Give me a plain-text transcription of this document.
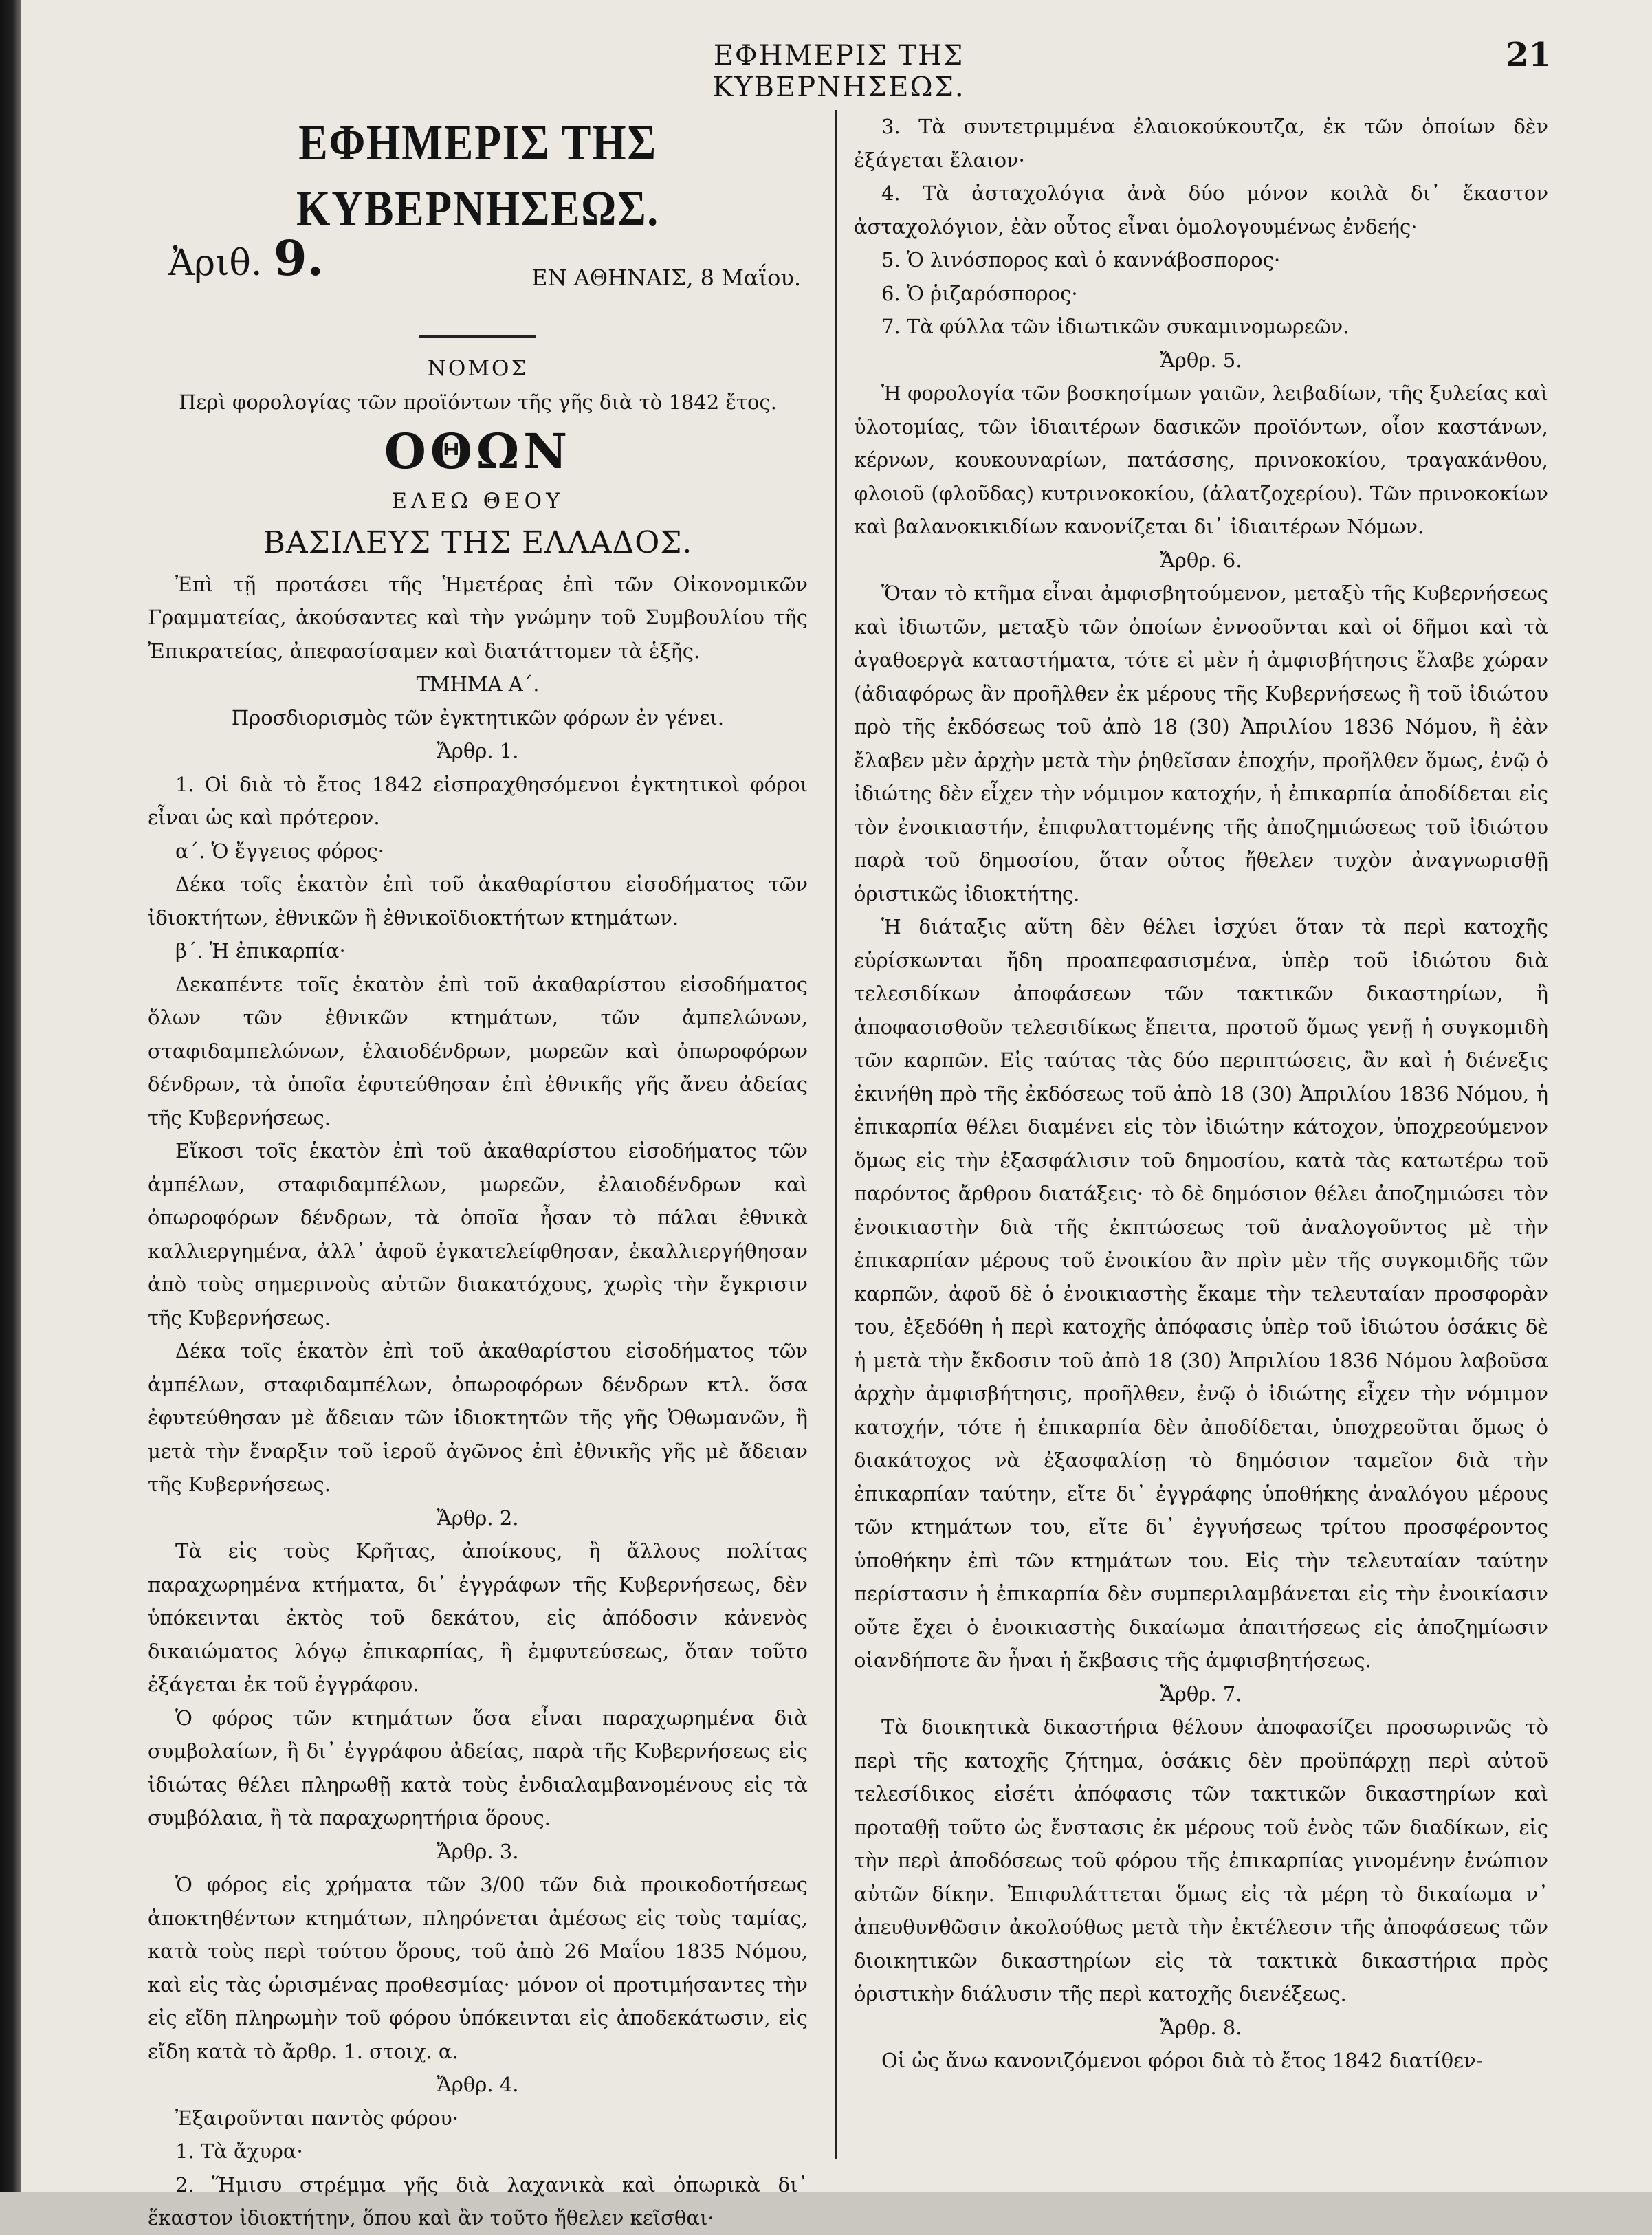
ΕΦΗΜΕΡΙΣ ΤΗΣ ΚΥΒΕΡΝΗΣΕΩΣ.
21
ΕΦΗΜΕΡΙΣ ΤΗΣ ΚΥΒΕΡΝΗΣΕΩΣ.
Ἀριθ. 9.	ΕΝ ΑΘΗΝΑΙΣ, 8 Μαΐου.

ΝΟΜΟΣ

Περὶ φορολογίας τῶν προϊόντων τῆς γῆς διὰ τὸ 1842 ἔτος.

ΟΘΩΝ

ΕΛΕΩ ΘΕΟΥ

ΒΑΣΙΛΕΥΣ ΤΗΣ ΕΛΛΑΔΟΣ.

Ἐπὶ τῇ προτάσει τῆς Ἡμετέρας ἐπὶ τῶν Οἰκονομικῶν Γραμματείας, ἀκούσαντες καὶ τὴν γνώμην τοῦ Συμβουλίου τῆς Ἐπικρατείας, ἀπεφασίσαμεν καὶ διατάττομεν τὰ ἑξῆς.

ΤΜΗΜΑ Α΄.

Προσδιορισμὸς τῶν ἐγκτητικῶν φόρων ἐν γένει.

Ἄρθρ. 1.

1. Οἱ διὰ τὸ ἔτος 1842 εἰσπραχθησόμενοι ἐγκτητικοὶ φόροι εἶναι ὡς καὶ πρότερον.

α΄. Ὁ ἔγγειος φόρος·

Δέκα τοῖς ἑκατὸν ἐπὶ τοῦ ἀκαθαρίστου εἰσοδήματος τῶν ἰδιοκτήτων, ἐθνικῶν ἢ ἐθνικοϊδιοκτήτων κτημάτων.

β΄. Ἡ ἐπικαρπία·

Δεκαπέντε τοῖς ἑκατὸν ἐπὶ τοῦ ἀκαθαρίστου εἰσοδήματος ὅλων τῶν ἐθνικῶν κτημάτων, τῶν ἀμπελώνων, σταφιδαμπελώνων, ἐλαιοδένδρων, μωρεῶν καὶ ὀπωροφόρων δένδρων, τὰ ὁποῖα ἐφυτεύθησαν ἐπὶ ἐθνικῆς γῆς ἄνευ ἀδείας τῆς Κυβερνήσεως.

Εἴκοσι τοῖς ἑκατὸν ἐπὶ τοῦ ἀκαθαρίστου εἰσοδήματος τῶν ἀμπέλων, σταφιδαμπέλων, μωρεῶν, ἐλαιοδένδρων καὶ ὀπωροφόρων δένδρων, τὰ ὁποῖα ἦσαν τὸ πάλαι ἐθνικὰ καλλιεργημένα, ἀλλ᾽ ἀφοῦ ἐγκατελείφθησαν, ἐκαλλιεργήθησαν ἀπὸ τοὺς σημερινοὺς αὐτῶν διακατόχους, χωρὶς τὴν ἔγκρισιν τῆς Κυβερνήσεως.

Δέκα τοῖς ἑκατὸν ἐπὶ τοῦ ἀκαθαρίστου εἰσοδήματος τῶν ἀμπέλων, σταφιδαμπέλων, ὀπωροφόρων δένδρων κτλ. ὅσα ἐφυτεύθησαν μὲ ἄδειαν τῶν ἰδιοκτητῶν τῆς γῆς Ὀθωμανῶν, ἢ μετὰ τὴν ἔναρξιν τοῦ ἱεροῦ ἀγῶνος ἐπὶ ἐθνικῆς γῆς μὲ ἄδειαν τῆς Κυβερνήσεως.

Ἄρθρ. 2.

Τὰ εἰς τοὺς Κρῆτας, ἀποίκους, ἢ ἄλλους πολίτας παραχωρημένα κτήματα, δι᾽ ἐγγράφων τῆς Κυβερνήσεως, δὲν ὑπόκεινται ἐκτὸς τοῦ δεκάτου, εἰς ἀπόδοσιν κἀνενὸς δικαιώματος λόγῳ ἐπικαρπίας, ἢ ἐμφυτεύσεως, ὅταν τοῦτο ἐξάγεται ἐκ τοῦ ἐγγράφου.

Ὁ φόρος τῶν κτημάτων ὅσα εἶναι παραχωρημένα διὰ συμβολαίων, ἢ δι᾽ ἐγγράφου ἀδείας, παρὰ τῆς Κυβερνήσεως εἰς ἰδιώτας θέλει πληρωθῇ κατὰ τοὺς ἐνδιαλαμβανομένους εἰς τὰ συμβόλαια, ἢ τὰ παραχωρητήρια ὅρους.

Ἄρθρ. 3.

Ὁ φόρος εἰς χρήματα τῶν 3/00 τῶν διὰ προικοδοτήσεως ἀποκτηθέντων κτημάτων, πληρόνεται ἀμέσως εἰς τοὺς ταμίας, κατὰ τοὺς περὶ τούτου ὅρους, τοῦ ἀπὸ 26 Μαΐου 1835 Νόμου, καὶ εἰς τὰς ὡρισμένας προθεσμίας· μόνον οἱ προτιμήσαντες τὴν εἰς εἴδη πληρωμὴν τοῦ φόρου ὑπόκεινται εἰς ἀποδεκάτωσιν, εἰς εἴδη κατὰ τὸ ἄρθρ. 1. στοιχ. α.

Ἄρθρ. 4.

Ἐξαιροῦνται παντὸς φόρου·

1. Τὰ ἄχυρα·

2. Ἥμισυ στρέμμα γῆς διὰ λαχανικὰ καὶ ὀπωρικὰ δι᾽ ἕκαστον ἰδιοκτήτην, ὅπου καὶ ἂν τοῦτο ἤθελεν κεῖσθαι·

3. Τὰ συντετριμμένα ἐλαιοκούκουτζα, ἐκ τῶν ὁποίων δὲν ἐξάγεται ἔλαιον·

4. Τὰ ἀσταχολόγια ἀνὰ δύο μόνον κοιλὰ δι᾽ ἕκαστον ἀσταχολόγιον, ἐὰν οὗτος εἶναι ὁμολογουμένως ἐνδεής·

5. Ὁ λινόσπορος καὶ ὁ καννάβοσπορος·

6. Ὁ ῥιζαρόσπορος·

7. Τὰ φύλλα τῶν ἰδιωτικῶν συκαμινομωρεῶν.

Ἄρθρ. 5.

Ἡ φορολογία τῶν βοσκησίμων γαιῶν, λειβαδίων, τῆς ξυλείας καὶ ὑλοτομίας, τῶν ἰδιαιτέρων δασικῶν προϊόντων, οἷον καστάνων, κέρνων, κουκουναρίων, πατάσσης, πρινοκοκίου, τραγακάνθου, φλοιοῦ (φλοῦδας) κυτρινοκοκίου, (ἀλατζοχερίου). Τῶν πρινοκοκίων καὶ βαλανοκικιδίων κανονίζεται δι᾽ ἰδιαιτέρων Νόμων.

Ἄρθρ. 6.

Ὅταν τὸ κτῆμα εἶναι ἀμφισβητούμενον, μεταξὺ τῆς Κυβερνήσεως καὶ ἰδιωτῶν, μεταξὺ τῶν ὁποίων ἐννοοῦνται καὶ οἱ δῆμοι καὶ τὰ ἀγαθοεργὰ καταστήματα, τότε εἰ μὲν ἡ ἀμφισβήτησις ἔλαβε χώραν (ἀδιαφόρως ἂν προῆλθεν ἐκ μέρους τῆς Κυβερνήσεως ἢ τοῦ ἰδιώτου πρὸ τῆς ἐκδόσεως τοῦ ἀπὸ 18 (30) Ἀπριλίου 1836 Νόμου, ἢ ἐὰν ἔλαβεν μὲν ἀρχὴν μετὰ τὴν ῥηθεῖσαν ἐποχήν, προῆλθεν ὅμως, ἐνῷ ὁ ἰδιώτης δὲν εἶχεν τὴν νόμιμον κατοχήν, ἡ ἐπικαρπία ἀποδίδεται εἰς τὸν ἐνοικιαστήν, ἐπιφυλαττομένης τῆς ἀποζημιώσεως τοῦ ἰδιώτου παρὰ τοῦ δημοσίου, ὅταν οὗτος ἤθελεν τυχὸν ἀναγνωρισθῇ ὁριστικῶς ἰδιοκτήτης.

Ἡ διάταξις αὕτη δὲν θέλει ἰσχύει ὅταν τὰ περὶ κατοχῆς εὑρίσκωνται ἤδη προαπεφασισμένα, ὑπὲρ τοῦ ἰδιώτου διὰ τελεσιδίκων ἀποφάσεων τῶν τακτικῶν δικαστηρίων, ἢ ἀποφασισθοῦν τελεσιδίκως ἔπειτα, προτοῦ ὅμως γενῇ ἡ συγκομιδὴ τῶν καρπῶν. Εἰς ταύτας τὰς δύο περιπτώσεις, ἂν καὶ ἡ διένεξις ἐκινήθη πρὸ τῆς ἐκδόσεως τοῦ ἀπὸ 18 (30) Ἀπριλίου 1836 Νόμου, ἡ ἐπικαρπία θέλει διαμένει εἰς τὸν ἰδιώτην κάτοχον, ὑποχρεούμενον ὅμως εἰς τὴν ἐξασφάλισιν τοῦ δημοσίου, κατὰ τὰς κατωτέρω τοῦ παρόντος ἄρθρου διατάξεις· τὸ δὲ δημόσιον θέλει ἀποζημιώσει τὸν ἐνοικιαστὴν διὰ τῆς ἐκπτώσεως τοῦ ἀναλογοῦντος μὲ τὴν ἐπικαρπίαν μέρους τοῦ ἐνοικίου ἂν πρὶν μὲν τῆς συγκομιδῆς τῶν καρπῶν, ἀφοῦ δὲ ὁ ἐνοικιαστὴς ἔκαμε τὴν τελευταίαν προσφορὰν του, ἐξεδόθη ἡ περὶ κατοχῆς ἀπόφασις ὑπὲρ τοῦ ἰδιώτου ὁσάκις δὲ ἡ μετὰ τὴν ἔκδοσιν τοῦ ἀπὸ 18 (30) Ἀπριλίου 1836 Νόμου λαβοῦσα ἀρχὴν ἀμφισβήτησις, προῆλθεν, ἐνῷ ὁ ἰδιώτης εἶχεν τὴν νόμιμον κατοχήν, τότε ἡ ἐπικαρπία δὲν ἀποδίδεται, ὑποχρεοῦται ὅμως ὁ διακάτοχος νὰ ἐξασφαλίσῃ τὸ δημόσιον ταμεῖον διὰ τὴν ἐπικαρπίαν ταύτην, εἴτε δι᾽ ἐγγράφης ὑποθήκης ἀναλόγου μέρους τῶν κτημάτων του, εἴτε δι᾽ ἐγγυήσεως τρίτου προσφέροντος ὑποθήκην ἐπὶ τῶν κτημάτων του. Εἰς τὴν τελευταίαν ταύτην περίστασιν ἡ ἐπικαρπία δὲν συμπεριλαμβάνεται εἰς τὴν ἐνοικίασιν οὔτε ἔχει ὁ ἐνοικιαστὴς δικαίωμα ἀπαιτήσεως εἰς ἀποζημίωσιν οἱανδήποτε ἂν ἦναι ἡ ἔκβασις τῆς ἀμφισβητήσεως.

Ἄρθρ. 7.

Τὰ διοικητικὰ δικαστήρια θέλουν ἀποφασίζει προσωρινῶς τὸ περὶ τῆς κατοχῆς ζήτημα, ὁσάκις δὲν προϋπάρχῃ περὶ αὐτοῦ τελεσίδικος εἰσέτι ἀπόφασις τῶν τακτικῶν δικαστηρίων καὶ προταθῇ τοῦτο ὡς ἔνστασις ἐκ μέρους τοῦ ἑνὸς τῶν διαδίκων, εἰς τὴν περὶ ἀποδόσεως τοῦ φόρου τῆς ἐπικαρπίας γινομένην ἐνώπιον αὐτῶν δίκην. Ἐπιφυλάττεται ὅμως εἰς τὰ μέρη τὸ δικαίωμα ν᾽ ἀπευθυνθῶσιν ἀκολούθως μετὰ τὴν ἐκτέλεσιν τῆς ἀποφάσεως τῶν διοικητικῶν δικαστηρίων εἰς τὰ τακτικὰ δικαστήρια πρὸς ὁριστικὴν διάλυσιν τῆς περὶ κατοχῆς διενέξεως.

Ἄρθρ. 8.

Οἱ ὡς ἄνω κανονιζόμενοι φόροι διὰ τὸ ἔτος 1842 διατίθεν-
